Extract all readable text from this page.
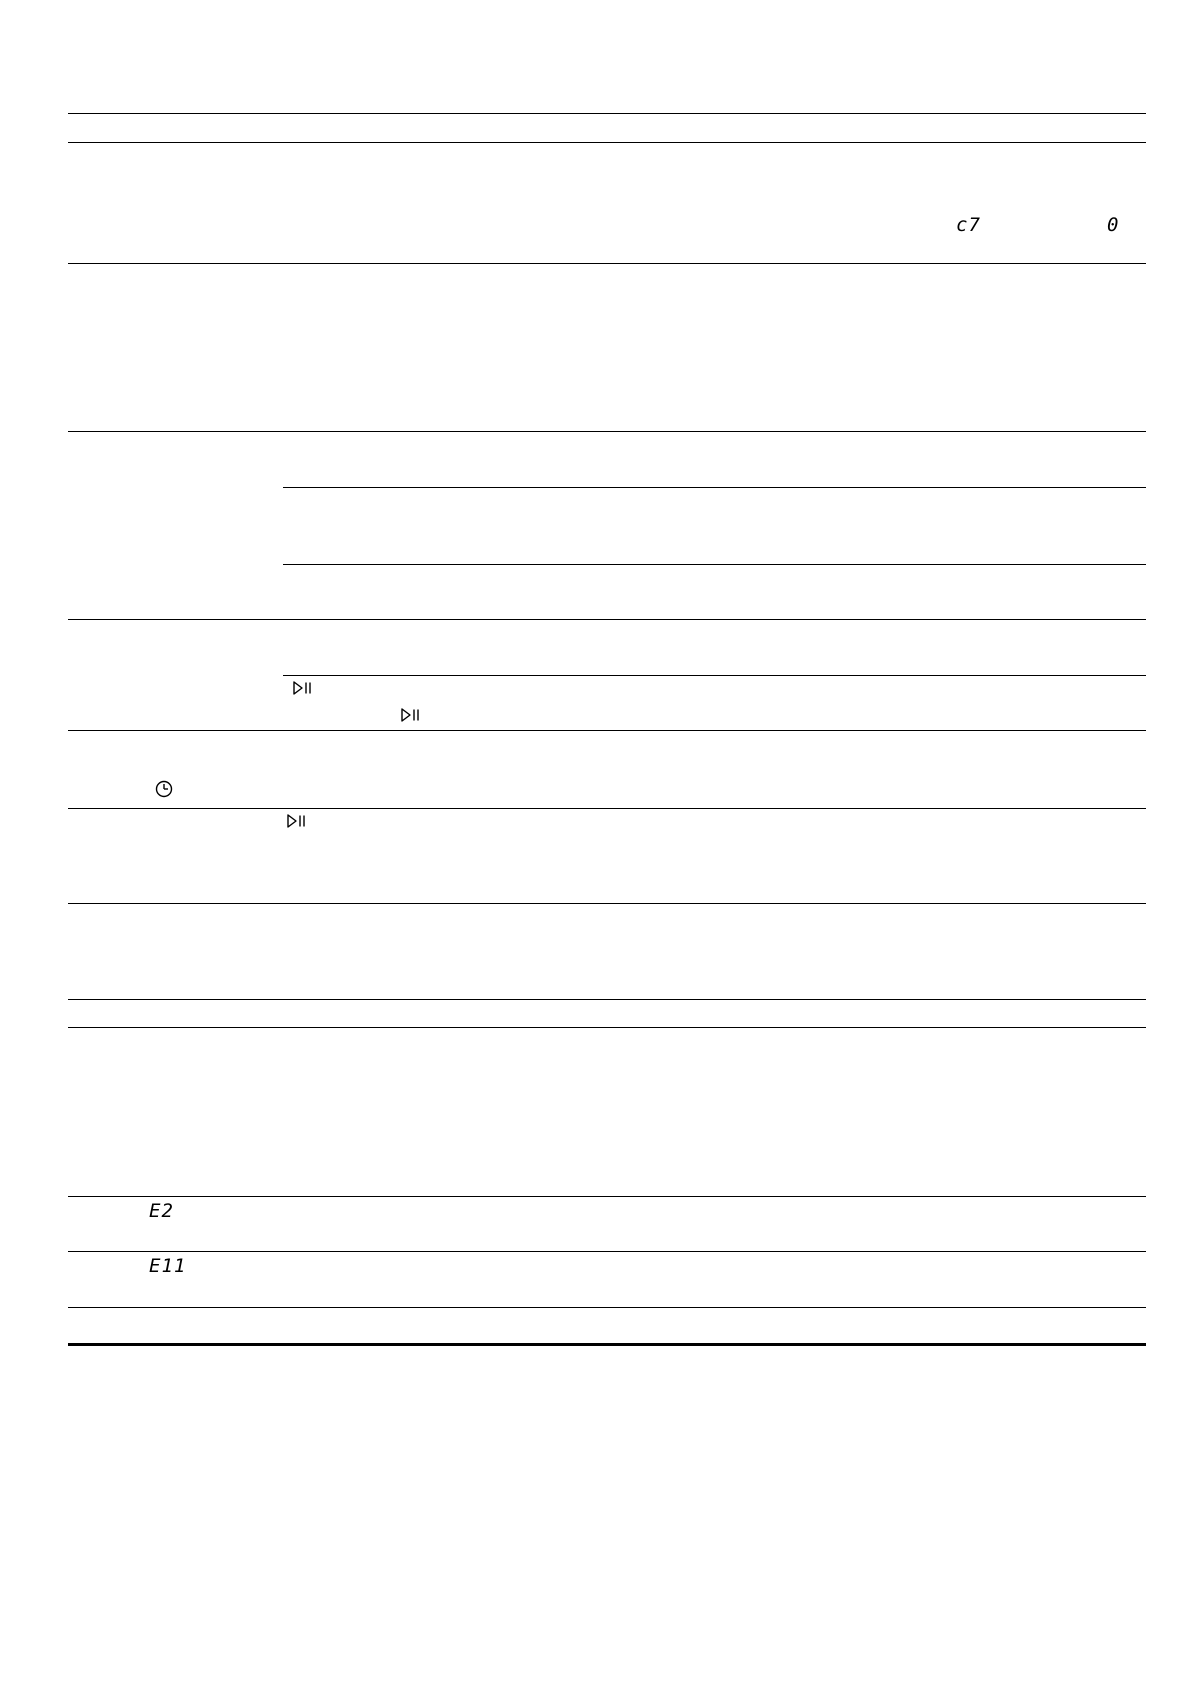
c7	0
E2
E11
